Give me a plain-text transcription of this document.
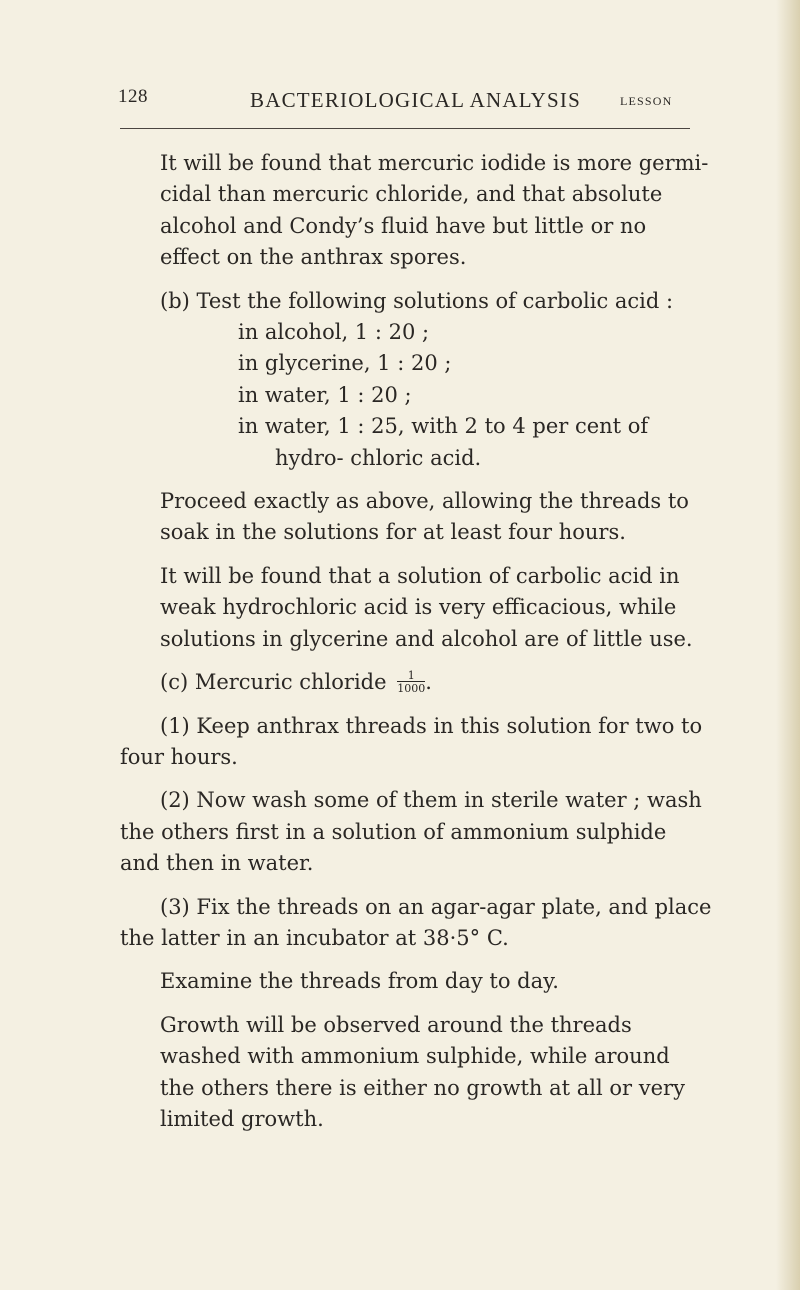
128	BACTERIOLOGICAL ANALYSIS	LESSON

It will be found that mercuric iodide is more germi- cidal than mercuric chloride, and that absolute alcohol and Condy’s fluid have but little or no effect on the anthrax spores.

(b) Test the following solutions of carbolic acid :

in alcohol, 1 : 20 ;
in glycerine, 1 : 20 ;
in water, 1 : 20 ;
in water, 1 : 25, with 2 to 4 per cent of hydro- chloric acid.

Proceed exactly as above, allowing the threads to soak in the solutions for at least four hours.

It will be found that a solution of carbolic acid in weak hydrochloric acid is very efficacious, while solutions in glycerine and alcohol are of little use.

(c) Mercuric chloride $\frac{1}{1000}$ .

(1) Keep anthrax threads in this solution for two to four hours.

(2) Now wash some of them in sterile water ; wash the others first in a solution of ammonium sulphide and then in water.

(3) Fix the threads on an agar-agar plate, and place the latter in an incubator at 38·5° C.

Examine the threads from day to day.

Growth will be observed around the threads washed with ammonium sulphide, while around the others there is either no growth at all or very limited growth.
